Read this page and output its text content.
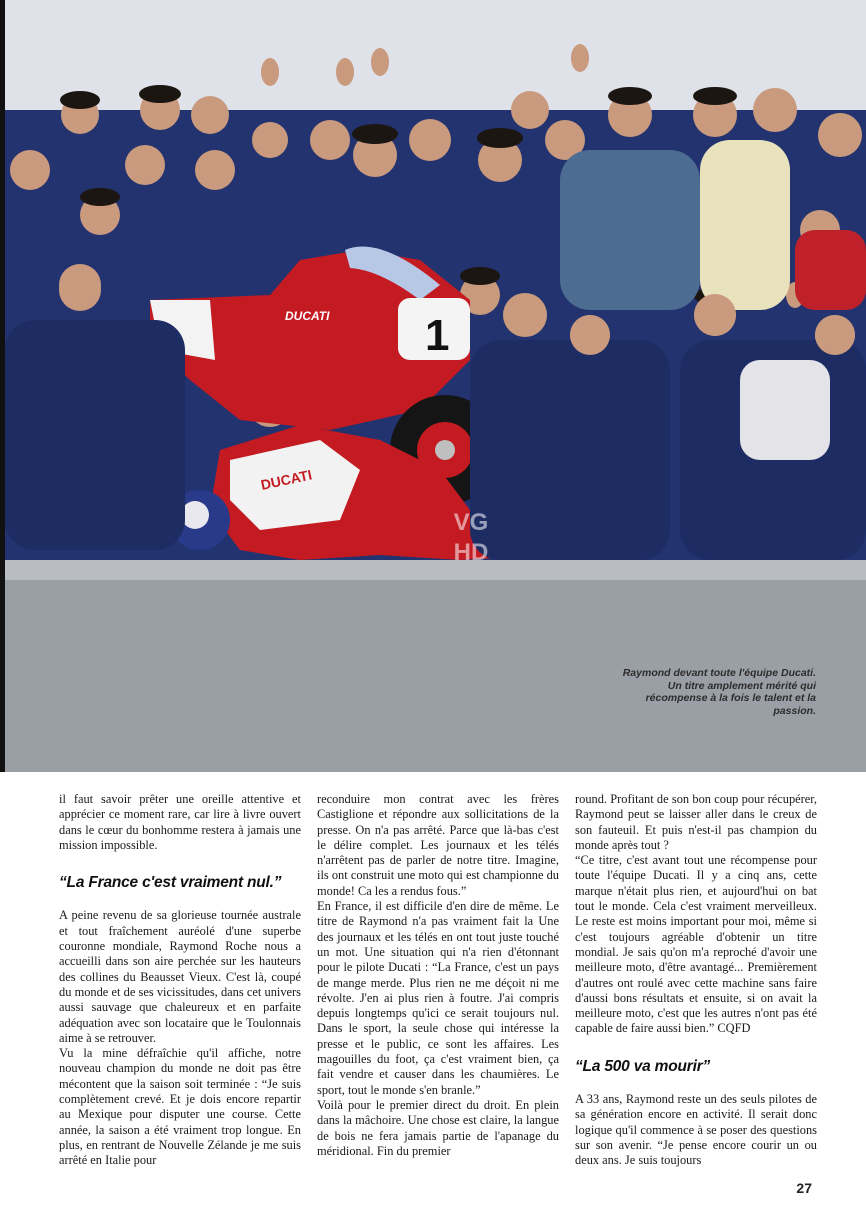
1
DUCATI
DUCATI
VG
HD
Raymond devant toute l'équipe Ducati. Un titre amplement mérité qui récompense à la fois le talent et la passion.

il faut savoir prêter une oreille attentive et apprécier ce moment rare, car lire à livre ouvert dans le cœur du bonhomme restera à jamais une mission impossible.

“La France c'est vraiment nul.”

A peine revenu de sa glorieuse tournée australe et tout fraîchement auréolé d'une superbe couronne mondiale, Raymond Roche nous a accueilli dans son aire perchée sur les hauteurs des collines du Beausset Vieux. C'est là, coupé du monde et de ses vicissitudes, dans cet univers aussi sauvage que chaleureux et en parfaite adéquation avec son locataire que le Toulonnais aime à se retrouver.

Vu la mine défraîchie qu'il affiche, notre nouveau champion du monde ne doit pas être mécontent que la saison soit terminée : “Je suis complètement crevé. Et je dois encore repartir au Mexique pour disputer une course. Cette année, la saison a été vraiment trop longue. En plus, en rentrant de Nouvelle Zélande je me suis arrêté en Italie pour

reconduire mon contrat avec les frères Castiglione et répondre aux sollicitations de la presse. On n'a pas arrêté. Parce que là-bas c'est le délire complet. Les journaux et les télés n'arrêtent pas de parler de notre titre. Imagine, ils ont construit une moto qui est championne du monde! Ca les a rendus fous.”

En France, il est difficile d'en dire de même. Le titre de Raymond n'a pas vraiment fait la Une des journaux et les télés en ont tout juste touché un mot. Une situation qui n'a rien d'étonnant pour le pilote Ducati : “La France, c'est un pays de mange merde. Plus rien ne me déçoit ni me révolte. J'en ai plus rien à foutre. J'ai compris depuis longtemps qu'ici ce serait toujours nul. Dans le sport, la seule chose qui intéresse la presse et le public, ce sont les affaires. Les magouilles du foot, ça c'est vraiment bien, ça fait vendre et causer dans les chaumières. Le sport, tout le monde s'en branle.”

Voilà pour le premier direct du droit. En plein dans la mâchoire. Une chose est claire, la langue de bois ne fera jamais partie de l'apanage du méridional. Fin du premier

round. Profitant de son bon coup pour récupérer, Raymond peut se laisser aller dans le creux de son fauteuil. Et puis n'est-il pas champion du monde après tout ?

“Ce titre, c'est avant tout une récompense pour toute l'équipe Ducati. Il y a cinq ans, cette marque n'était plus rien, et aujourd'hui on bat tout le monde. Cela c'est vraiment merveilleux. Le reste est moins important pour moi, même si c'est toujours agréable d'obtenir un titre mondial. Je sais qu'on m'a reproché d'avoir une meilleure moto, d'être avantagé... Premièrement d'autres ont roulé avec cette machine sans faire d'aussi bons résultats et ensuite, si on avait la meilleure moto, c'est que les autres n'ont pas été capable de faire aussi bien.” CQFD

“La 500 va mourir”

A 33 ans, Raymond reste un des seuls pilotes de sa génération encore en activité. Il serait donc logique qu'il commence à se poser des questions sur son avenir. “Je pense encore courir un ou deux ans. Je suis toujours

27
